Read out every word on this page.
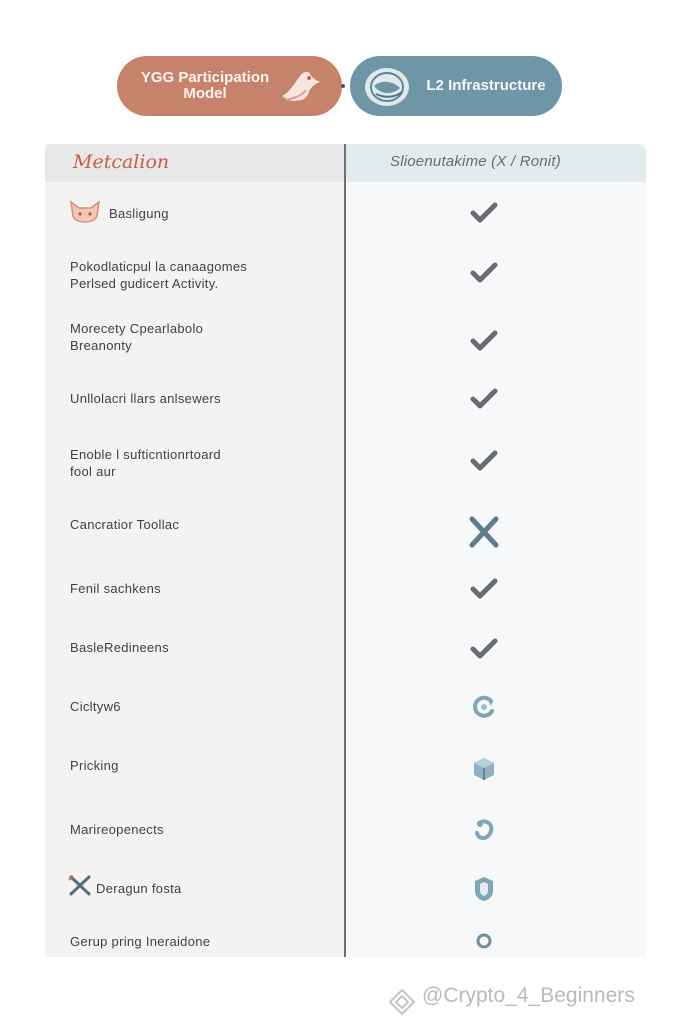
YGG Participation Model	L2 Infrastructure
Metcalion	Slioenutakime (X / Ronit)
Basligung
Pokodlaticpul la canaagomes
Perlsed gudicert Activity.
Morecety Cpearlabolo
Breanonty
Unllolacri llars anlsewers
Enoble l sufticntionrtoard
fool aur
Cancratior Toollac
Fenil sachkens
BasleRedineens
Cicltyw6
Pricking
Marireopenects
Deragun fosta
Gerup pring Ineraidone
@Crypto_4_Beginners
